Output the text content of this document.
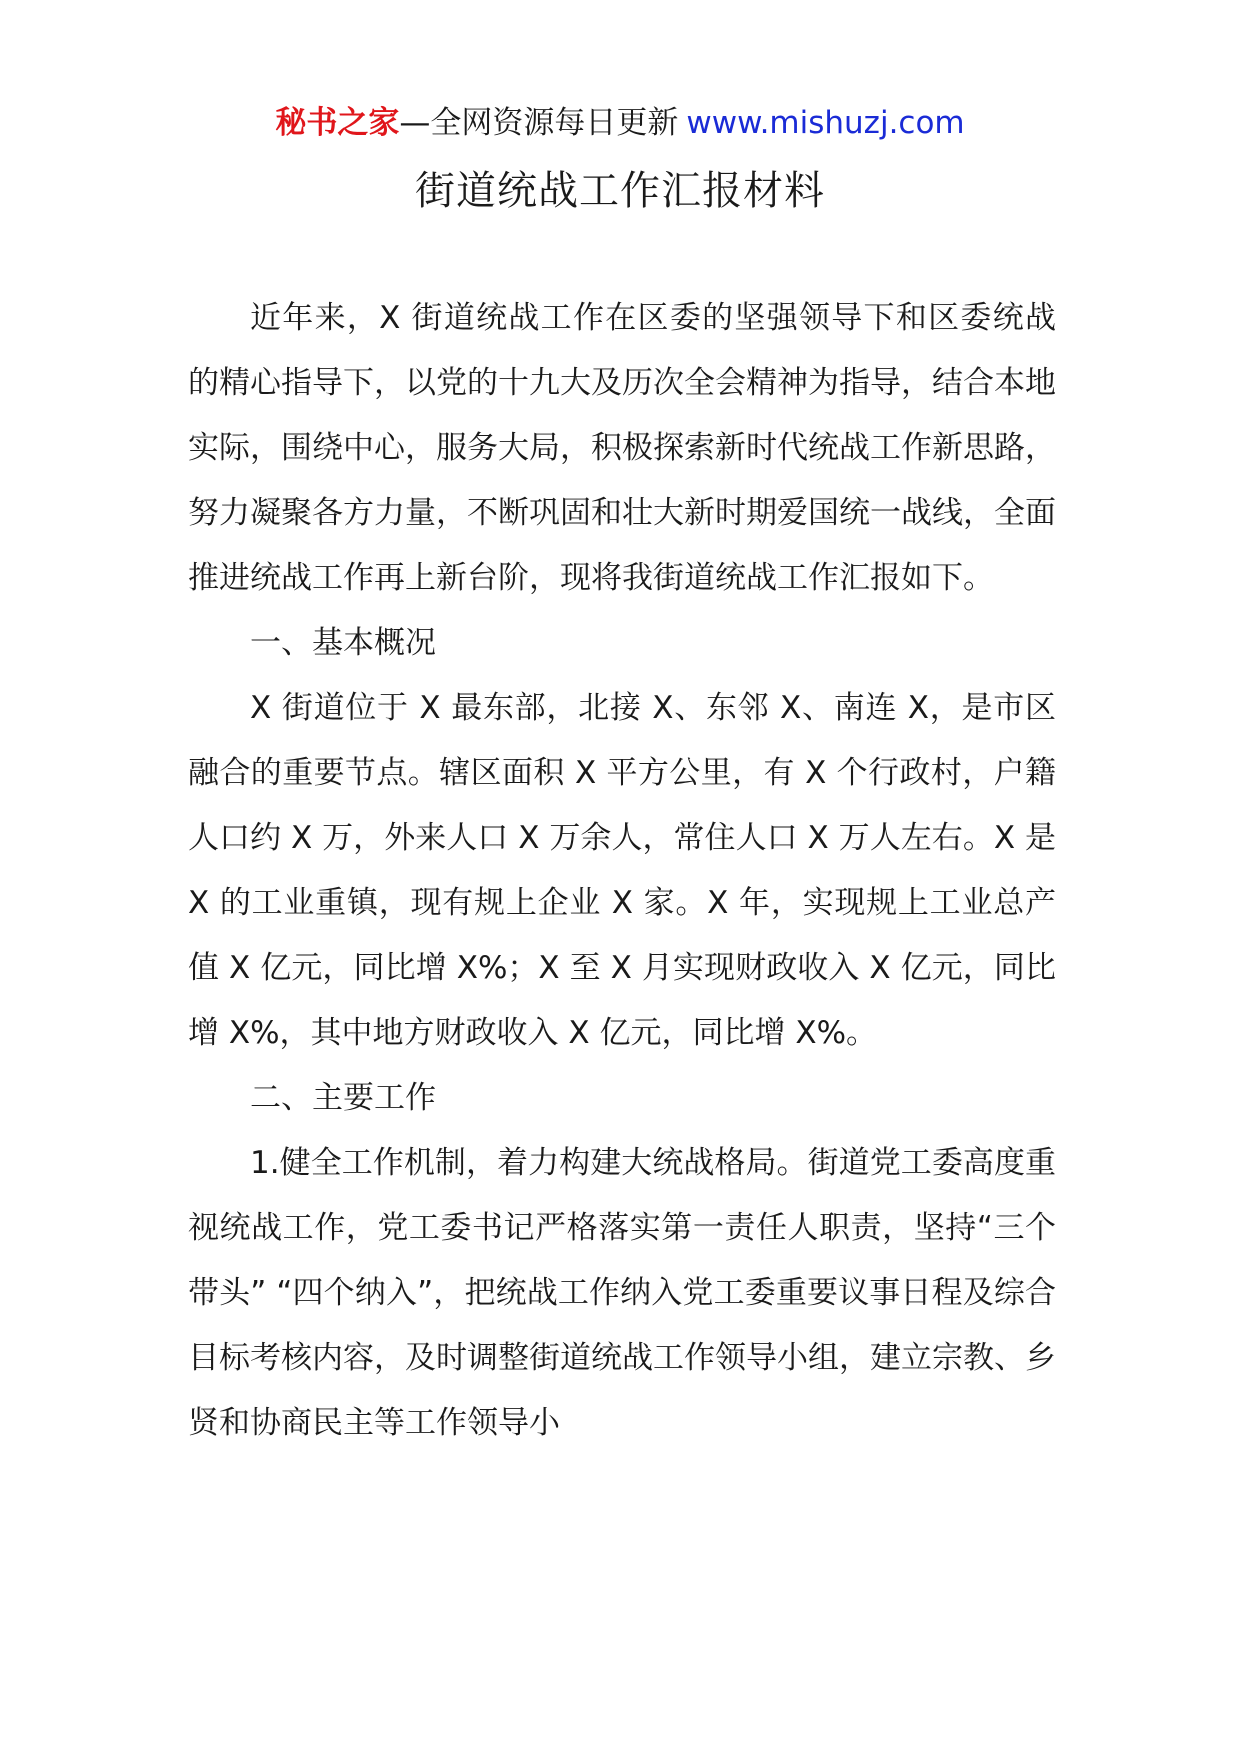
秘书之家—全网资源每日更新 www.mishuzj.com
街道统战工作汇报材料

近年来，X 街道统战工作在区委的坚强领导下和区委统战的精心指导下，以党的十九大及历次全会精神为指导，结合本地实际，围绕中心，服务大局，积极探索新时代统战工作新思路，努力凝聚各方力量，不断巩固和壮大新时期爱国统一战线，全面推进统战工作再上新台阶，现将我街道统战工作汇报如下。

一、基本概况

X 街道位于 X 最东部，北接 X、东邻 X、南连 X，是市区融合的重要节点。辖区面积 X 平方公里，有 X 个行政村，户籍人口约 X 万，外来人口 X 万余人，常住人口 X 万人左右。X 是 X 的工业重镇，现有规上企业 X 家。X 年，实现规上工业总产值 X 亿元，同比增 X%；X 至 X 月实现财政收入 X 亿元，同比增 X%，其中地方财政收入 X 亿元，同比增 X%。

二、主要工作

1.健全工作机制，着力构建大统战格局。街道党工委高度重视统战工作，党工委书记严格落实第一责任人职责，坚持“三个带头” “四个纳入”，把统战工作纳入党工委重要议事日程及综合目标考核内容，及时调整街道统战工作领导小组，建立宗教、乡贤和协商民主等工作领导小
